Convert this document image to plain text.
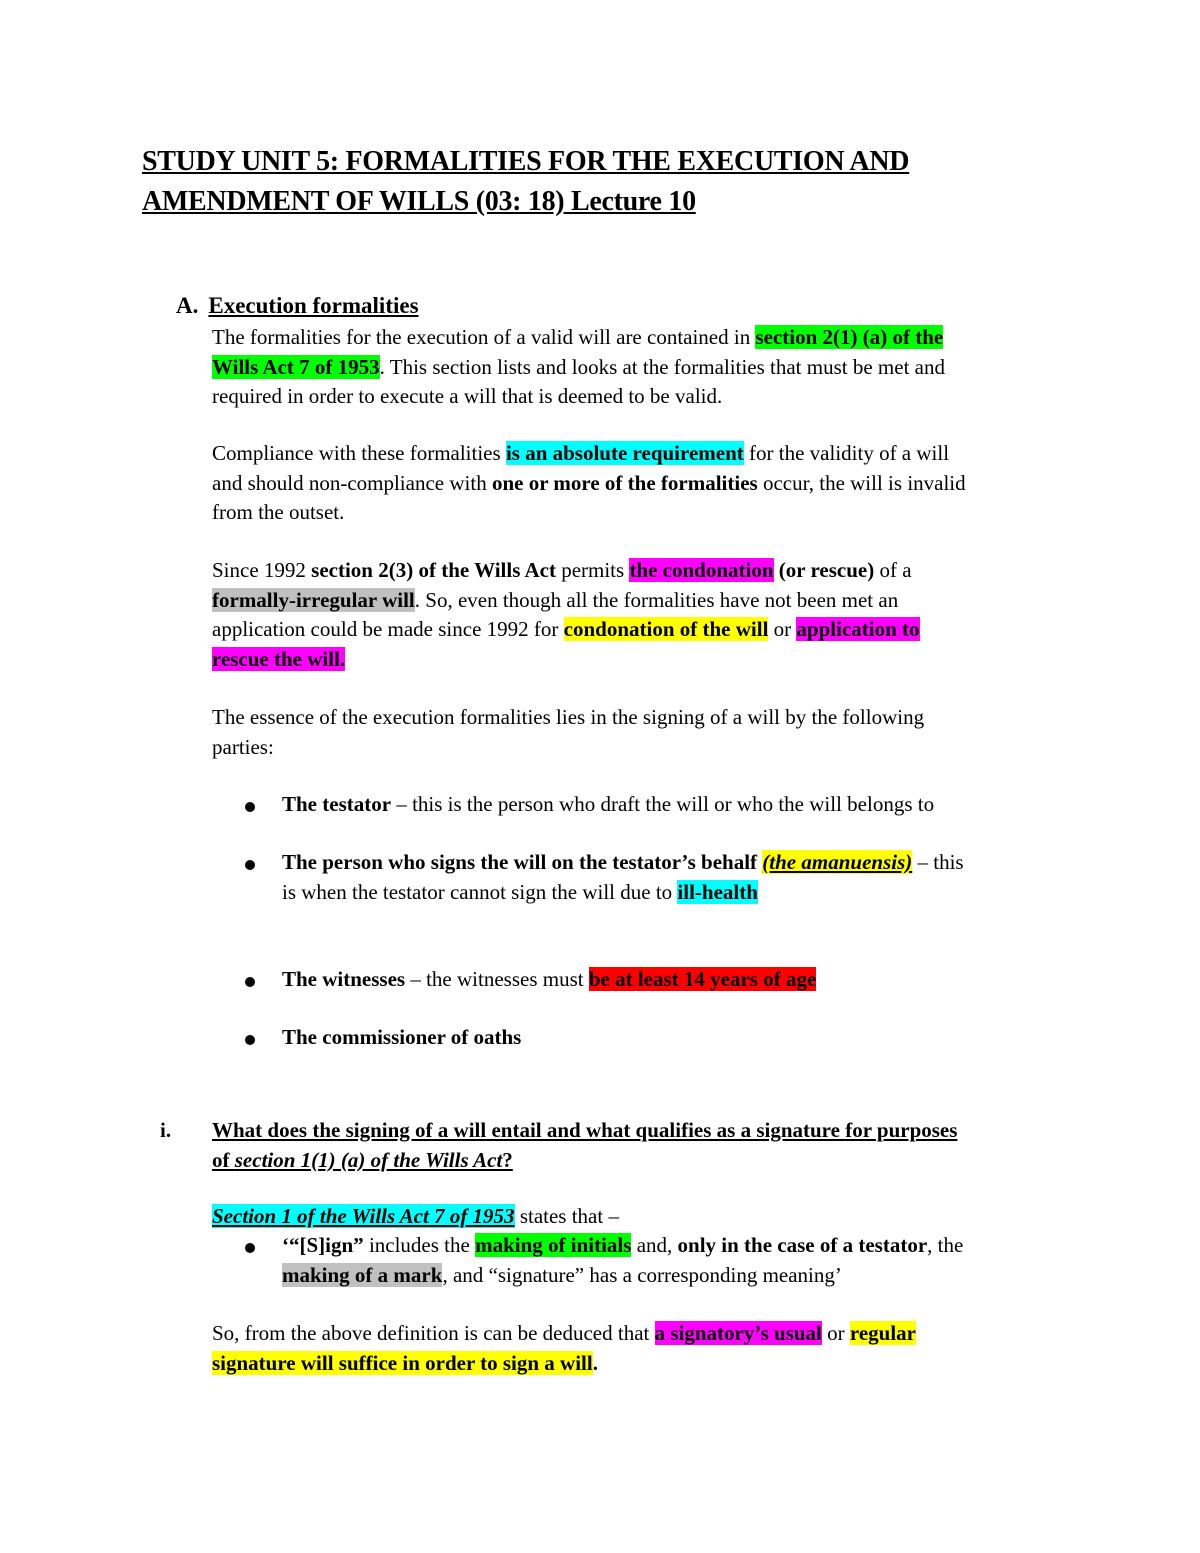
STUDY UNIT 5: FORMALITIES FOR THE EXECUTION AND
AMENDMENT OF WILLS (03: 18) Lecture 10
A. Execution formalities
The formalities for the execution of a valid will are contained in section 2(1) (a) of the
Wills Act 7 of 1953. This section lists and looks at the formalities that must be met and
required in order to execute a will that is deemed to be valid.
Compliance with these formalities is an absolute requirement for the validity of a will
and should non-compliance with one or more of the formalities occur, the will is invalid
from the outset.
Since 1992 section 2(3) of the Wills Act permits the condonation (or rescue) of a
formally-irregular will. So, even though all the formalities have not been met an
application could be made since 1992 for condonation of the will or application to
rescue the will.
The essence of the execution formalities lies in the signing of a will by the following
parties:
The testator – this is the person who draft the will or who the will belongs to
The person who signs the will on the testator’s behalf (the amanuensis) – this
is when the testator cannot sign the will due to ill-health
The witnesses – the witnesses must be at least 14 years of age
The commissioner of oaths
i. What does the signing of a will entail and what qualifies as a signature for purposes
of section 1(1) (a) of the Wills Act?
Section 1 of the Wills Act 7 of 1953 states that –
‘“[S]ign” includes the making of initials and, only in the case of a testator, the
making of a mark, and “signature” has a corresponding meaning’
So, from the above definition is can be deduced that a signatory’s usual or regular
signature will suffice in order to sign a will.
